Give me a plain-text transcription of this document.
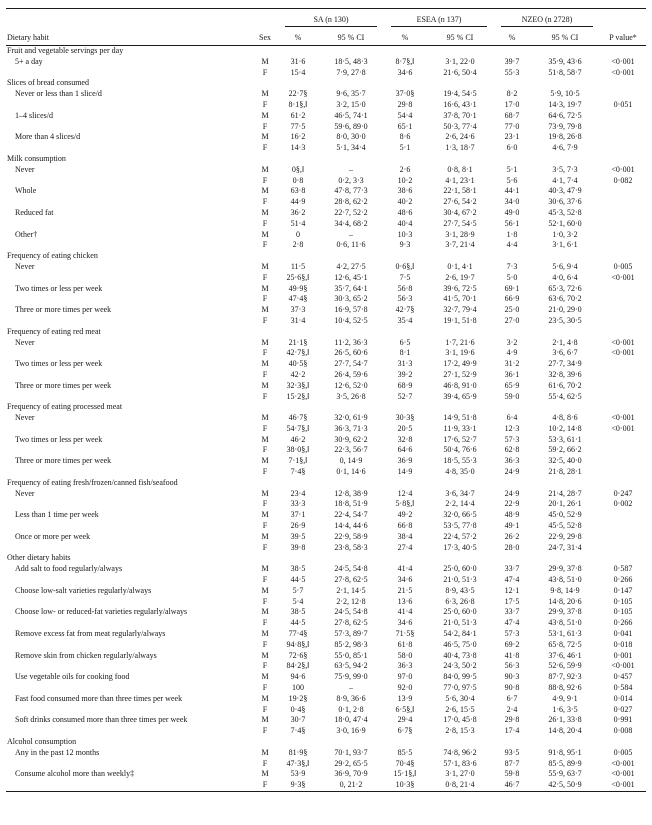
		SA (n 130)		ESEA (n 137)		NZEO (n 2728)		

Dietary habit	Sex	%	95 % CI	%	95 % CI	%	95 % CI	P value*
Fruit and vegetable servings per day								
5+ a day	M	31·6	18·5, 48·3	8·7§,‖	3·1, 22·0	39·7	35·9, 43·6	<0·001
	F	15·4	7·9, 27·8	34·6	21·6, 50·4	55·3	51·8, 58·7	<0·001
Slices of bread consumed								
Never or less than 1 slice/d	M	22·7§	9·6, 35·7	37·0§	19·4, 54·5	8·2	5·9, 10·5	
	F	8·1§,‖	3·2, 15·0	29·8	16·6, 43·1	17·0	14·3, 19·7	0·051
1–4 slices/d	M	61·2	46·5, 74·1	54·4	37·8, 70·1	68·7	64·6, 72·5	
	F	77·5	59·6, 89·0	65·1	50·3, 77·4	77·0	73·9, 79·8	
More than 4 slices/d	M	16·2	8·0, 30·0	8·6	2·6, 24·6	23·1	19·8, 26·8	
	F	14·3	5·1, 34·4	5·1	1·3, 18·7	6·0	4·6, 7·9	
Milk consumption								
Never	M	0§,‖	–	2·6	0·8, 8·1	5·1	3·5, 7·3	<0·001
	F	0·8	0·2, 3·3	10·2	4·1, 23·1	5·6	4·1, 7·4	0·082
Whole	M	63·8	47·8, 77·3	38·6	22·1, 58·1	44·1	40·3, 47·9	
	F	44·9	28·8, 62·2	40·2	27·6, 54·2	34·0	30·6, 37·6	
Reduced fat	M	36·2	22·7, 52·2	48·6	30·4, 67·2	49·0	45·3, 52·8	
	F	51·4	34·4, 68·2	40·4	27·7, 54·5	56·1	52·1, 60·0	
Other†	M	0	–	10·3	3·1, 28·9	1·8	1·0, 3·2	
	F	2·8	0·6, 11·6	9·3	3·7, 21·4	4·4	3·1, 6·1	
Frequency of eating chicken								
Never	M	11·5	4·2, 27·5	0·6§,‖	0·1, 4·1	7·3	5·6, 9·4	0·005
	F	25·6§,‖	12·6, 45·1	7·5	2·6, 19·7	5·0	4·0, 6·4	<0·001
Two times or less per week	M	49·9§	35·7, 64·1	56·8	39·6, 72·5	69·1	65·3, 72·6	
	F	47·4§	30·3, 65·2	56·3	41·5, 70·1	66·9	63·6, 70·2	
Three or more times per week	M	37·3	16·9, 57·8	42·7§	32·7, 79·4	25·0	21·0, 29·0	
	F	31·4	10·4, 52·5	35·4	19·1, 51·8	27·0	23·5, 30·5	
Frequency of eating red meat								
Never	M	21·1§	11·2, 36·3	6·5	1·7, 21·6	3·2	2·1, 4·8	<0·001
	F	42·7§,‖	26·5, 60·6	8·1	3·1, 19·6	4·9	3·6, 6·7	<0·001
Two times or less per week	M	40·5§	27·7, 54·7	31·3	17·2, 49·9	31·2	27·7, 34·9	
	F	42·2	26·4, 59·6	39·2	27·1, 52·9	36·1	32·8, 39·6	
Three or more times per week	M	32·3§,‖	12·6, 52·0	68·9	46·8, 91·0	65·9	61·6, 70·2	
	F	15·2§,‖	3·5, 26·8	52·7	39·4, 65·9	59·0	55·4, 62·5	
Frequency of eating processed meat								
Never	M	46·7§	32·0, 61·9	30·3§	14·9, 51·8	6·4	4·8, 8·6	<0·001
	F	54·7§,‖	36·3, 71·3	20·5	11·9, 33·1	12·3	10·2, 14·8	<0·001
Two times or less per week	M	46·2	30·9, 62·2	32·8	17·6, 52·7	57·3	53·3, 61·1	
	F	38·0§,‖	22·3, 56·7	64·6	50·4, 76·6	62·8	59·2, 66·2	
Three or more times per week	M	7·1§,‖	0, 14·9	36·9	18·5, 55·3	36·3	32·5, 40·0	
	F	7·4§	0·1, 14·6	14·9	4·8, 35·0	24·9	21·8, 28·1	
Frequency of eating fresh/frozen/canned fish/seafood								
Never	M	23·4	12·8, 38·9	12·4	3·6, 34·7	24·9	21·4, 28·7	0·247
	F	33·3	18·8, 51·9	5·8§,‖	2·2, 14·4	22·9	20·1, 26·1	0·002
Less than 1 time per week	M	37·1	22·4, 54·7	49·2	32·0, 66·5	48·9	45·0, 52·9	
	F	26·9	14·4, 44·6	66·8	53·5, 77·8	49·1	45·5, 52·8	
Once or more per week	M	39·5	22·9, 58·9	38·4	22·4, 57·2	26·2	22·9, 29·8	
	F	39·8	23·8, 58·3	27·4	17·3, 40·5	28·0	24·7, 31·4	
Other dietary habits								
Add salt to food regularly/always	M	38·5	24·5, 54·8	41·4	25·0, 60·0	33·7	29·9, 37·8	0·587
	F	44·5	27·8, 62·5	34·6	21·0, 51·3	47·4	43·8, 51·0	0·266
Choose low-salt varieties regularly/always	M	5·7	2·1, 14·5	21·5	8·9, 43·5	12·1	9·8, 14·9	0·147
	F	5·4	2·2, 12·8	13·6	6·3, 26·8	17·5	14·8, 20·6	0·105
Choose low- or reduced-fat varieties regularly/always	M	38·5	24·5, 54·8	41·4	25·0, 60·0	33·7	29·9, 37·8	0·105
	F	44·5	27·8, 62·5	34·6	21·0, 51·3	47·4	43·8, 51·0	0·266
Remove excess fat from meat regularly/always	M	77·4§	57·3, 89·7	71·5§	54·2, 84·1	57·3	53·1, 61·3	0·041
	F	94·8§,‖	85·2, 98·3	61·8	46·5, 75·0	69·2	65·8, 72·5	0·018
Remove skin from chicken regularly/always	M	72·6§	55·0, 85·1	58·0	40·4, 73·8	41·8	37·6, 46·1	0·001
	F	84·2§,‖	63·5, 94·2	36·3	24·3, 50·2	56·3	52·6, 59·9	<0·001
Use vegetable oils for cooking food	M	94·6	75·9, 99·0	97·0	84·0, 99·5	90·3	87·7, 92·3	0·457
	F	100	–	92·0	77·0, 97·5	90·8	88·8, 92·6	0·584
Fast food consumed more than three times per week	M	19·2§	8·9, 36·6	13·9	5·6, 30·4	6·7	4·9, 9·1	0·014
	F	0·4§	0·1, 2·8	6·5§,‖	2·6, 15·5	2·4	1·6, 3·5	0·027
Soft drinks consumed more than three times per week	M	30·7	18·0, 47·4	29·4	17·0, 45·8	29·8	26·1, 33·8	0·991
	F	7·4§	3·0, 16·9	6·7§	2·8, 15·3	17·4	14·8, 20·4	0·008
Alcohol consumption								
Any in the past 12 months	M	81·9§	70·1, 93·7	85·5	74·8, 96·2	93·5	91·8, 95·1	0·005
	F	47·3§,‖	29·2, 65·5	70·4§	57·1, 83·6	87·7	85·5, 89·9	<0·001
Consume alcohol more than weekly‡	M	53·9	36·9, 70·9	15·1§,‖	3·1, 27·0	59·8	55·9, 63·7	<0·001
	F	9·3§	0, 21·2	10·3§	0·8, 21·4	46·7	42·5, 50·9	<0·001
